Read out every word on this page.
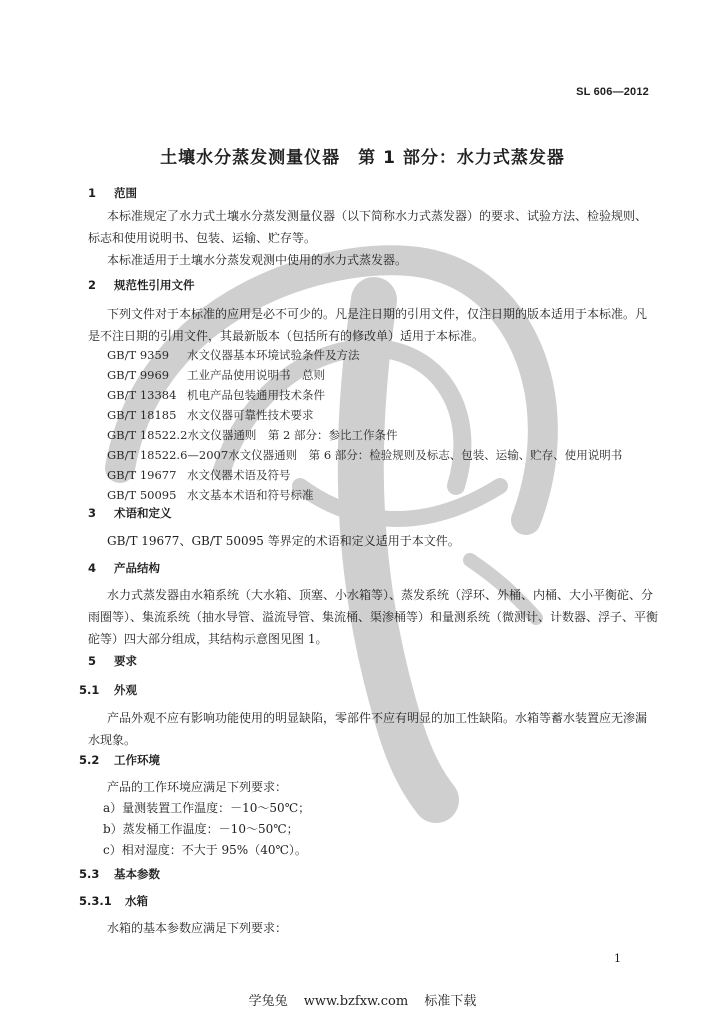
SL 606—2012
土壤水分蒸发测量仪器　第 1 部分：水力式蒸发器
1 范围
本标准规定了水力式土壤水分蒸发测量仪器（以下简称水力式蒸发器）的要求、试验方法、检验规则、标志和使用说明书、包装、运输、贮存等。
本标准适用于土壤水分蒸发观测中使用的水力式蒸发器。
2 规范性引用文件
下列文件对于本标准的应用是必不可少的。凡是注日期的引用文件，仅注日期的版本适用于本标准。凡是不注日期的引用文件，其最新版本（包括所有的修改单）适用于本标准。
GB/T 9359 水文仪器基本环境试验条件及方法
GB/T 9969 工业产品使用说明书　总则
GB/T 13384 机电产品包装通用技术条件
GB/T 18185 水文仪器可靠性技术要求
GB/T 18522.2水文仪器通则　第 2 部分：参比工作条件
GB/T 18522.6—2007水文仪器通则　第 6 部分：检验规则及标志、包装、运输、贮存、使用说明书
GB/T 19677 水文仪器术语及符号
GB/T 50095 水文基本术语和符号标准
3 术语和定义
GB/T 19677、GB/T 50095 等界定的术语和定义适用于本文件。
4 产品结构
水力式蒸发器由水箱系统（大水箱、顶塞、小水箱等）、蒸发系统（浮环、外桶、内桶、大小平衡砣、分雨圈等）、集流系统（抽水导管、溢流导管、集流桶、渠渗桶等）和量测系统（微测计、计数器、浮子、平衡砣等）四大部分组成，其结构示意图见图 1。
5 要求
5.1 外观
产品外观不应有影响功能使用的明显缺陷，零部件不应有明显的加工性缺陷。水箱等蓄水装置应无渗漏水现象。
5.2 工作环境
产品的工作环境应满足下列要求：
a）量测装置工作温度：－10～50℃；
b）蒸发桶工作温度：－10～50℃；
c）相对湿度：不大于 95%（40℃）。
5.3 基本参数
5.3.1 水箱
水箱的基本参数应满足下列要求：
1
学兔兔 www.bzfxw.com 标准下载
